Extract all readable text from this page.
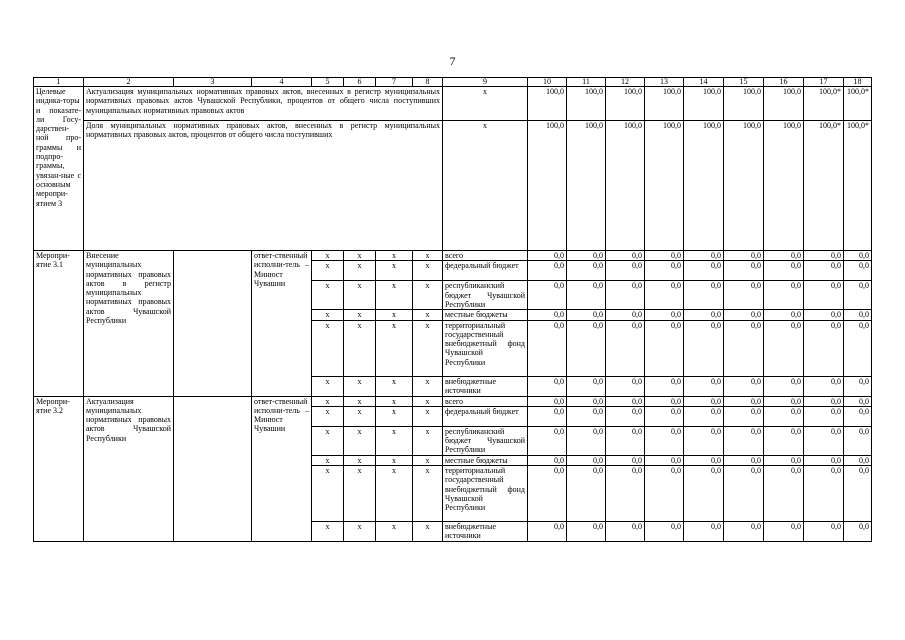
7
1	2	3	4	5	6	7	8	9	10	11	12	13	14	15	16	17	18
Целевые индика-торы и показате-ли Госу-дарствен-ной про-граммы и подпро-граммы, увязан-ные с основным меропри-ятием 3	Актуализация муниципальных нормативных правовых актов, внесенных в регистр муниципальных нормативных правовых актов Чувашской Республики, процентов от общего числа поступивших муниципальных нормативных правовых актов							x	100,0	100,0	100,0	100,0	100,0	100,0	100,0	100,0*	100,0*
	Доля муниципальных нормативных правовых актов, внесенных в регистр муниципальных нормативных правовых актов, процентов от общего числа поступивших							x	100,0	100,0	100,0	100,0	100,0	100,0	100,0	100,0*	100,0*
Меропри-ятие 3.1	Внесение муниципальных нормативных правовых актов в регистр муниципальных нормативных правовых актов Чувашской Республики		ответ-ственный исполни-тель – Минюст Чувашии	x	x	x	x	всего	0,0	0,0	0,0	0,0	0,0	0,0	0,0	0,0	0,0
				x	x	x	x	федеральный бюджет	0,0	0,0	0,0	0,0	0,0	0,0	0,0	0,0	0,0
				x	x	x	x	республиканский бюджет Чувашской Республики	0,0	0,0	0,0	0,0	0,0	0,0	0,0	0,0	0,0
				x	x	x	x	местные бюджеты	0,0	0,0	0,0	0,0	0,0	0,0	0,0	0,0	0,0
				x	x	x	x	территориальный государственный внебюджетный фонд Чувашской Республики	0,0	0,0	0,0	0,0	0,0	0,0	0,0	0,0	0,0
				x	x	x	x	внебюджетные источники	0,0	0,0	0,0	0,0	0,0	0,0	0,0	0,0	0,0
Меропри-ятие 3.2	Актуализация муниципальных нормативных правовых актов Чувашской Республики		ответ-ственный исполни-тель – Минюст Чувашии	x	x	x	x	всего	0,0	0,0	0,0	0,0	0,0	0,0	0,0	0,0	0,0
				x	x	x	x	федеральный бюджет	0,0	0,0	0,0	0,0	0,0	0,0	0,0	0,0	0,0
				x	x	x	x	республиканский бюджет Чувашской Республики	0,0	0,0	0,0	0,0	0,0	0,0	0,0	0,0	0,0
				x	x	x	x	местные бюджеты	0,0	0,0	0,0	0,0	0,0	0,0	0,0	0,0	0,0
				x	x	x	x	территориальный государственный внебюджетный фонд Чувашской Республики	0,0	0,0	0,0	0,0	0,0	0,0	0,0	0,0	0,0
				x	x	x	x	внебюджетные источники	0,0	0,0	0,0	0,0	0,0	0,0	0,0	0,0	0,0
